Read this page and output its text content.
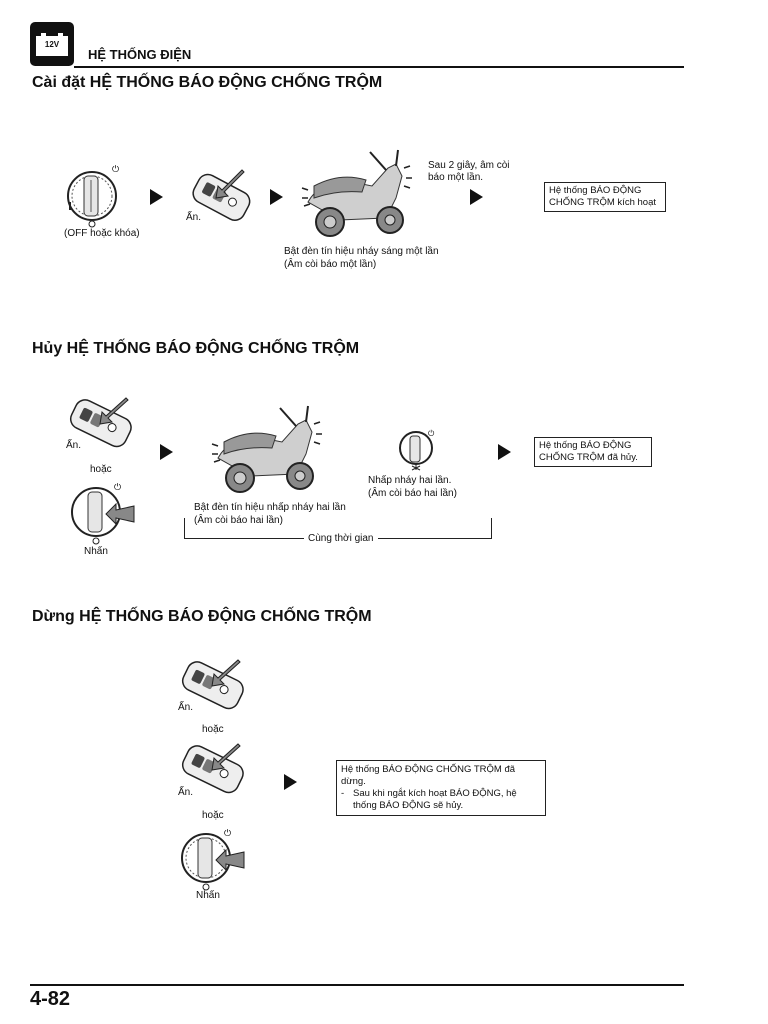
12V
HỆ THỐNG ĐIỆN
Cài đặt HỆ THỐNG BÁO ĐỘNG CHỐNG TRỘM
⏻
(OFF hoặc khóa)
Ấn.
Bật đèn tín hiệu nháy sáng một lần
(Âm còi báo một lần)
Sau 2 giây, âm còi
báo một lần.
Hệ thống BÁO ĐỘNG
CHỐNG TRỘM kích hoạt
Hủy HỆ THỐNG BÁO ĐỘNG CHỐNG TRỘM
Ấn.
hoặc
⏻
Nhấn
Bật đèn tín hiệu nhấp nháy hai lần
(Âm còi báo hai lần)
⏻
Nhấp nháy hai lần.
(Âm còi báo hai lần)
Cùng thời gian
Hệ thống BÁO ĐỘNG
CHỐNG TRỘM đã hủy.
Dừng HỆ THỐNG BÁO ĐỘNG CHỐNG TRỘM
Ấn.
hoặc
Ấn.
hoặc
⏻
Nhấn
Hệ thống BÁO ĐỘNG CHỐNG TRỘM đã dừng.
- Sau khi ngắt kích hoạt BÁO ĐỘNG, hệ
thống BÁO ĐỘNG sẽ hủy.
4-82
